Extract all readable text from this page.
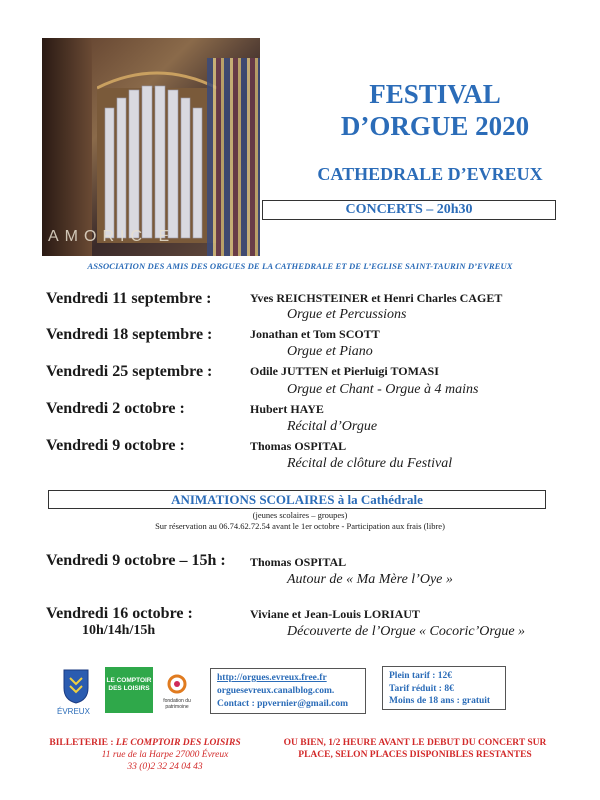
AMORIC E
FESTIVAL
D’ORGUE 2020
CATHEDRALE D’EVREUX
CONCERTS – 20h30
ASSOCIATION DES AMIS DES ORGUES DE LA CATHEDRALE ET DE L’EGLISE SAINT-TAURIN D’EVREUX
Vendredi 11 septembre :	Yves REICHSTEINER et Henri Charles CAGET
Orgue et Percussions
Vendredi 18 septembre :	Jonathan et Tom SCOTT
Orgue et Piano
Vendredi 25 septembre :	Odile JUTTEN et Pierluigi TOMASI
Orgue et Chant - Orgue à 4 mains
Vendredi 2 octobre :	Hubert HAYE
Récital d’Orgue
Vendredi 9 octobre :	Thomas OSPITAL
Récital de clôture du Festival
ANIMATIONS SCOLAIRES à la Cathédrale
(jeunes scolaires – groupes)
Sur réservation au 06.74.62.72.54 avant le 1er octobre - Participation aux frais (libre)
Vendredi 9 octobre – 15h : Thomas OSPITAL
Autour de « Ma Mère l’Oye »
Vendredi 16 octobre :	Viviane et Jean-Louis LORIAUT
10h/14h/15h	Découverte de l’Orgue « Cocoric’Orgue »
ÉVREUX
LE COMPTOIR DES LOISIRS
fondation du patrimoine
http://orgues.evreux.free.fr
orguesevreux.canalblog.com.
Contact : ppvernier@gmail.com
Plein tarif : 12€
Tarif réduit : 8€
Moins de 18 ans : gratuit
BILLETERIE : LE COMPTOIR DES LOISIRS
11 rue de la Harpe 27000 Évreux
33 (0)2 32 24 04 43
OU BIEN, 1/2 HEURE AVANT LE DEBUT DU CONCERT SUR
PLACE, SELON PLACES DISPONIBLES RESTANTES
